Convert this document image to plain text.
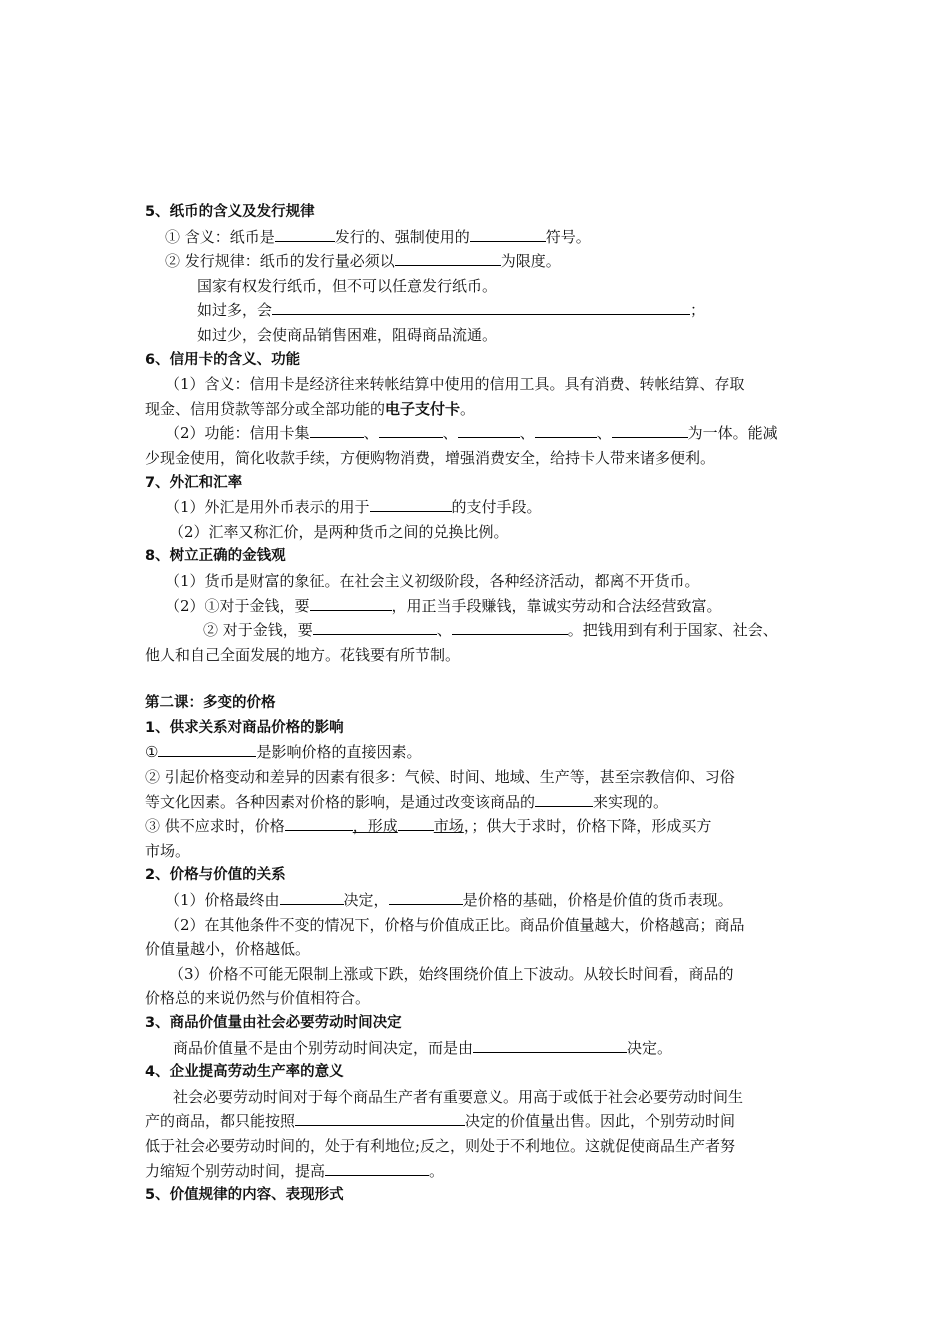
5、纸币的含义及发行规律

① 含义：纸币是	发行的、强制使用的	符号。

② 发行规律：纸币的发行量必须以	为限度。

国家有权发行纸币，但不可以任意发行纸币。

如过多，会	；

如过少，会使商品销售困难，阻碍商品流通。

6、信用卡的含义、功能

（1）含义：信用卡是经济往来转帐结算中使用的信用工具。具有消费、转帐结算、存取

现金、信用贷款等部分或全部功能的电子支付卡。

（2）功能：信用卡集	、	、	、	、	为一体。能减

少现金使用，简化收款手续，方便购物消费，增强消费安全，给持卡人带来诸多便利。

7、外汇和汇率

（1）外汇是用外币表示的用于	的支付手段。

（2）汇率又称汇价，是两种货币之间的兑换比例。

8、树立正确的金钱观

（1）货币是财富的象征。在社会主义初级阶段，各种经济活动，都离不开货币。

（2）①对于金钱，要	，用正当手段赚钱，靠诚实劳动和合法经营致富。

② 对于金钱，要	、	。把钱用到有利于国家、社会、

他人和自己全面发展的地方。花钱要有所节制。

第二课：多变的价格

1、供求关系对商品价格的影响

①	是影响价格的直接因素。

② 引起价格变动和差异的因素有很多：气候、时间、地域、生产等，甚至宗教信仰、习俗

等文化因素。各种因素对价格的影响，是通过改变该商品的	来实现的。

③ 供不应求时，价格	，形成 市场，；供大于求时，价格下降，形成买方

市场。

2、价格与价值的关系

（1）价格最终由	决定，	是价格的基础，价格是价值的货币表现。

（2）在其他条件不变的情况下，价格与价值成正比。商品价值量越大，价格越高；商品

价值量越小，价格越低。

（3）价格不可能无限制上涨或下跌，始终围绕价值上下波动。从较长时间看，商品的

价格总的来说仍然与价值相符合。

3、商品价值量由社会必要劳动时间决定

商品价值量不是由个别劳动时间决定，而是由	决定。

4、企业提高劳动生产率的意义

社会必要劳动时间对于每个商品生产者有重要意义。用高于或低于社会必要劳动时间生

产的商品，都只能按照	决定的价值量出售。因此，个别劳动时间

低于社会必要劳动时间的，处于有利地位;反之，则处于不利地位。这就促使商品生产者努

力缩短个别劳动时间，提高	。

5、价值规律的内容、表现形式
